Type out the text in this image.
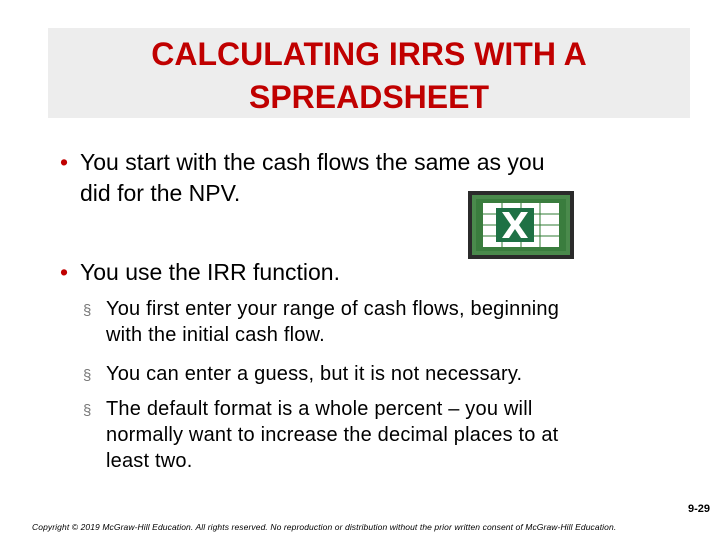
CALCULATING IRRS WITH A
SPREADSHEET
• You start with the cash flows the same as you
did for the NPV.
• You use the IRR function.
§ You first enter your range of cash flows, beginning
with the initial cash flow.
§ You can enter a guess, but it is not necessary.
§ The default format is a whole percent – you will
normally want to increase the decimal places to at
least two.
9-29
Copyright © 2019 McGraw-Hill Education. All rights reserved. No reproduction or distribution without the prior written consent of McGraw-Hill Education.
